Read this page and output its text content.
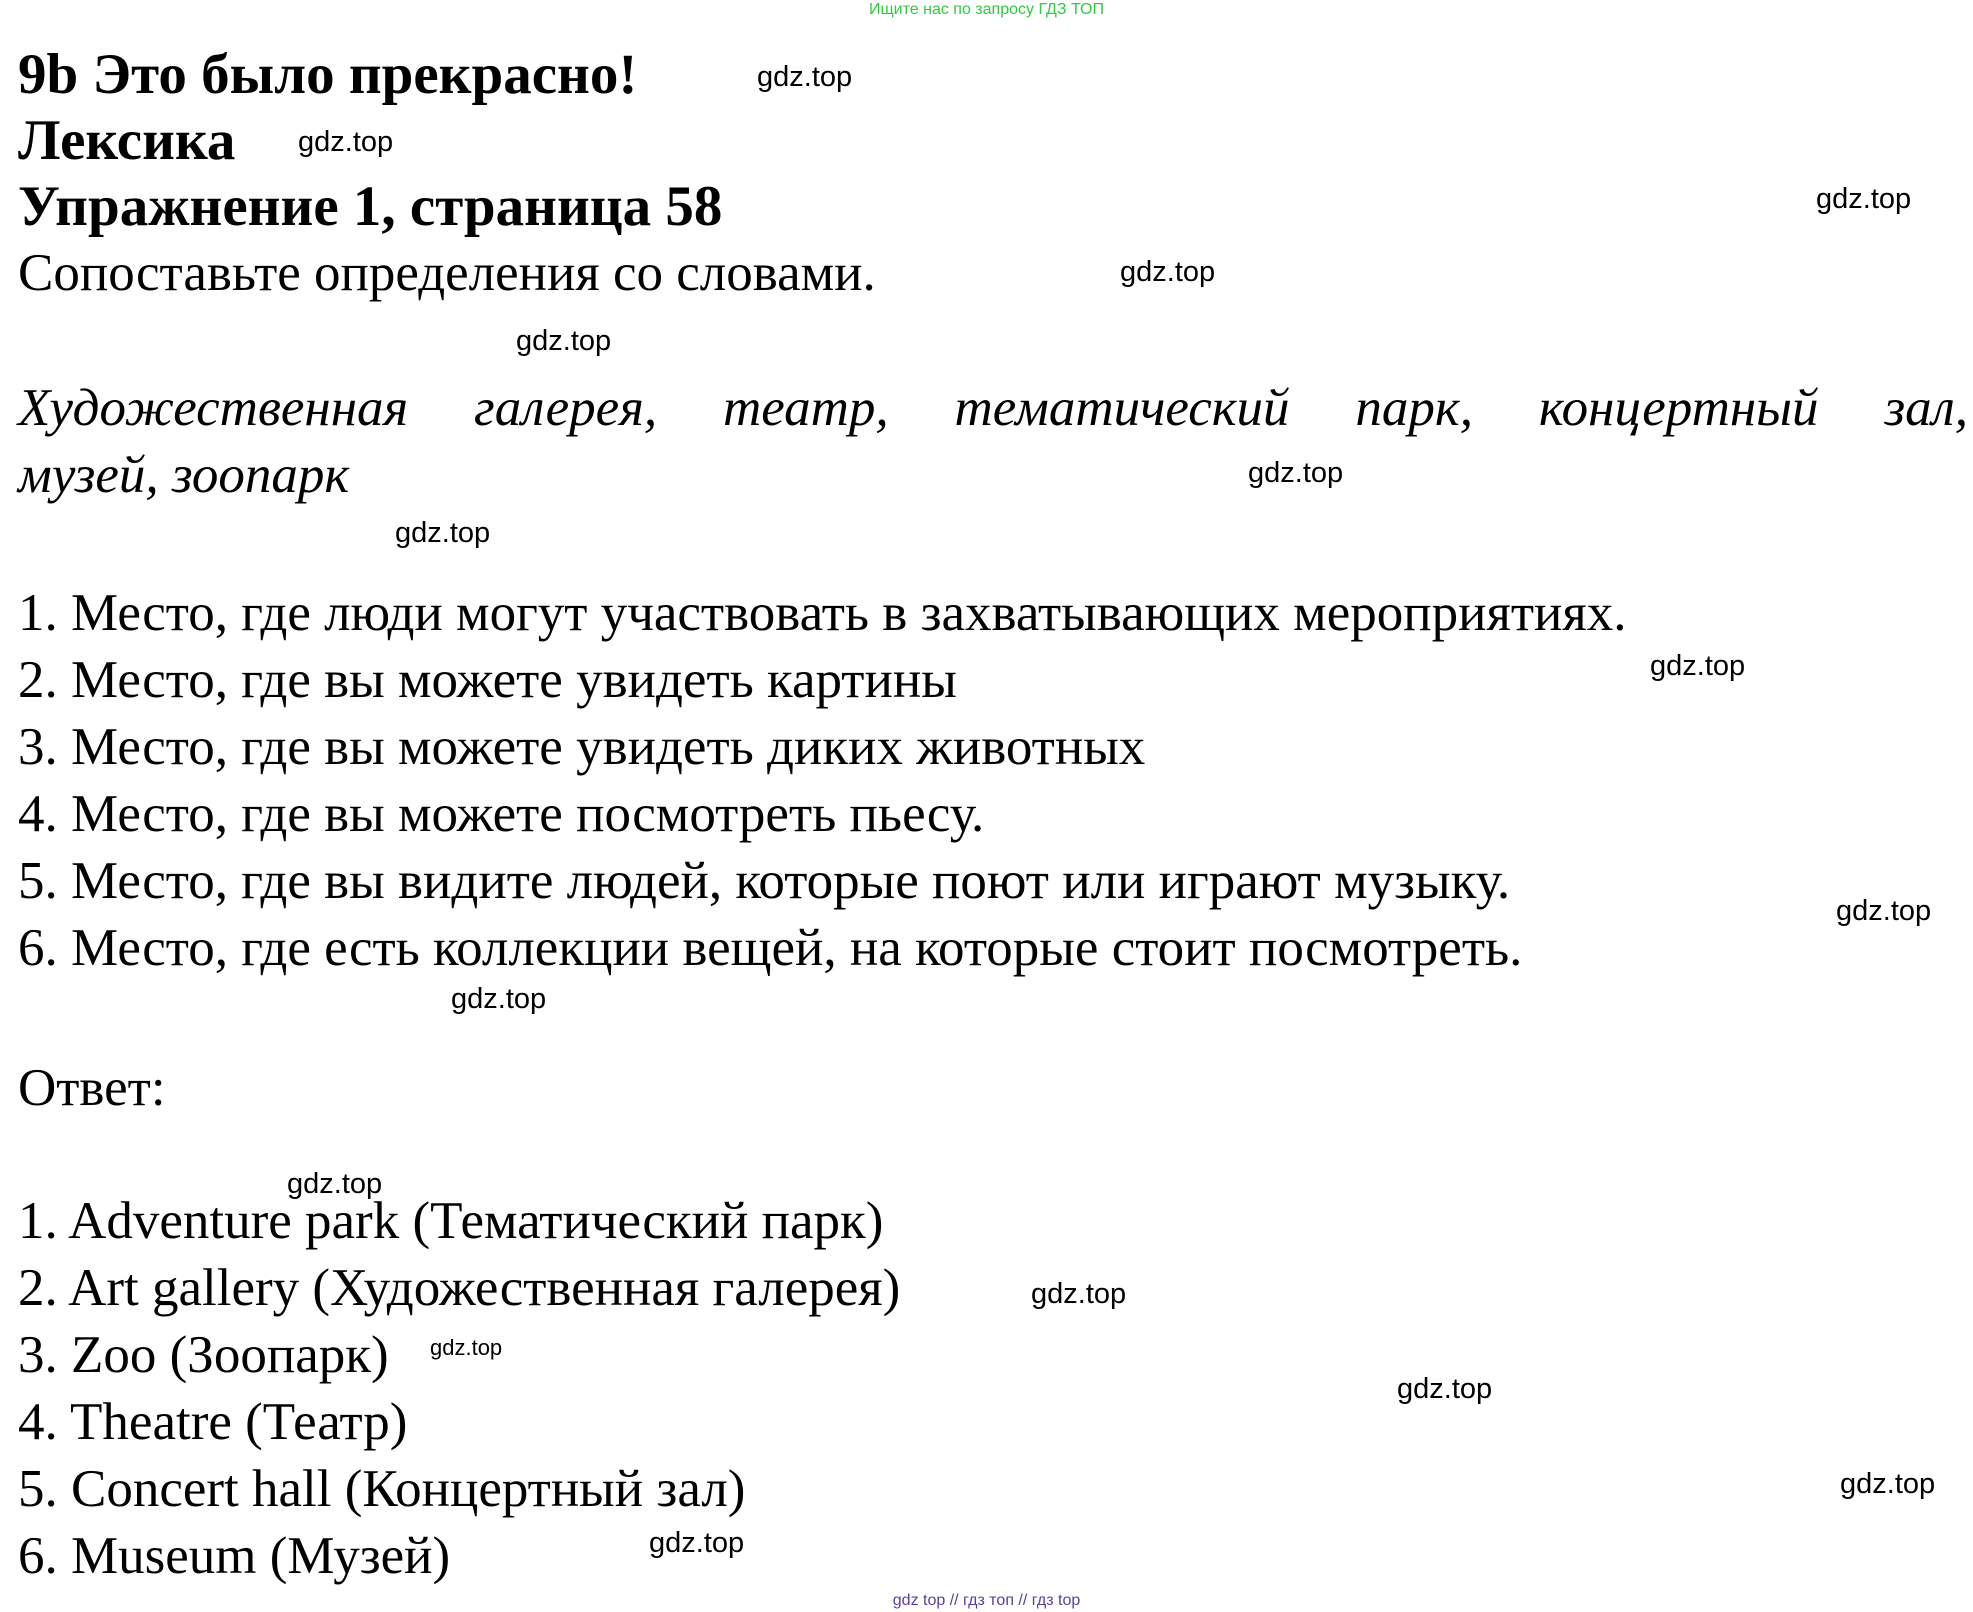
Ищите нас по запросу ГДЗ ТОП
9b Это было прекрасно!
Лексика
Упражнение 1, страница 58
Сопоставьте определения со словами.
Художественная галерея, театр, тематический парк, концертный зал,
музей, зоопарк
1. Место, где люди могут участвовать в захватывающих мероприятиях.
2. Место, где вы можете увидеть картины
3. Место, где вы можете увидеть диких животных
4. Место, где вы можете посмотреть пьесу.
5. Место, где вы видите людей, которые поют или играют музыку.
6. Место, где есть коллекции вещей, на которые стоит посмотреть.
Ответ:
1. Adventure park (Тематический парк)
2. Art gallery (Художественная галерея)
3. Zoo (Зоопарк)
4. Theatre (Театр)
5. Concert hall (Концертный зал)
6. Museum (Музей)
gdz.top
gdz.top
gdz.top
gdz.top
gdz.top
gdz.top
gdz.top
gdz.top
gdz.top
gdz.top
gdz.top
gdz.top
gdz.top
gdz.top
gdz.top
gdz.top
gdz top // гдз топ // гдз top
